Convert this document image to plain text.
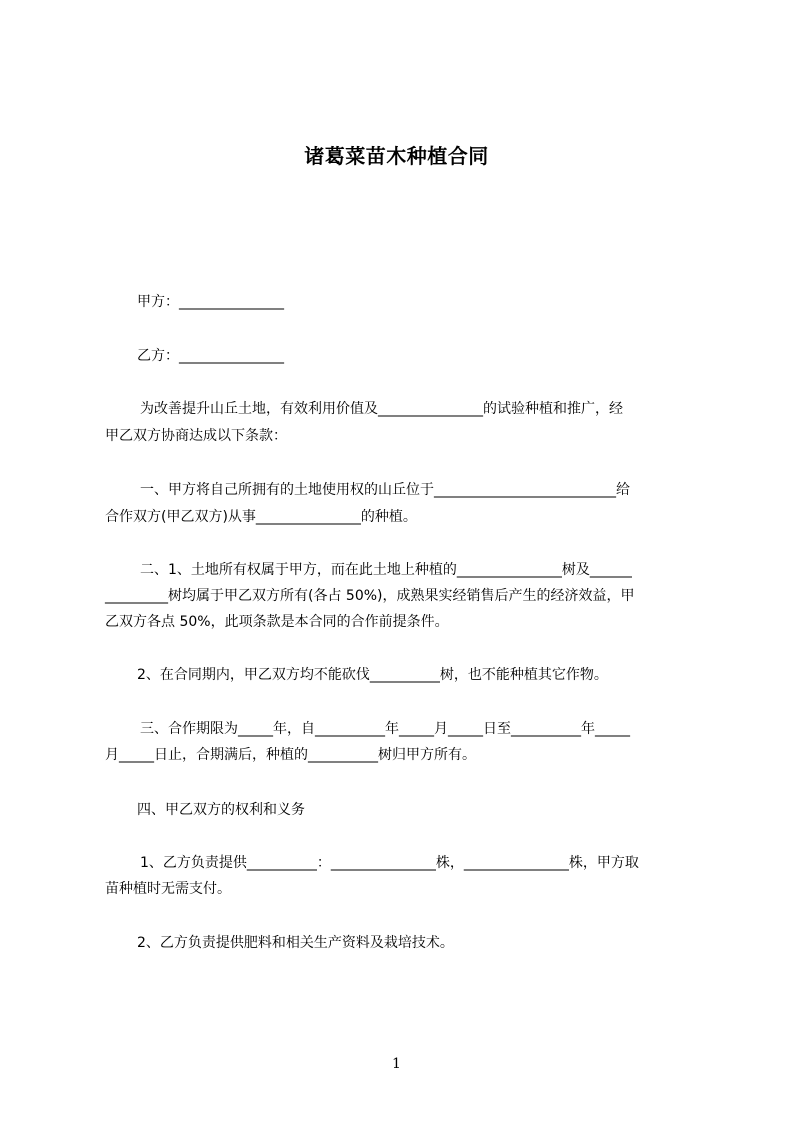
诸葛菜苗木种植合同
甲方：_______________
乙方：_______________
为改善提升山丘土地，有效利用价值及_______________的试验种植和推广，经
甲乙双方协商达成以下条款：
一、甲方将自己所拥有的土地使用权的山丘位于__________________________给
合作双方(甲乙双方)从事_______________的种植。
二、1、土地所有权属于甲方，而在此土地上种植的_______________树及______
_________树均属于甲乙双方所有(各占 50%)，成熟果实经销售后产生的经济效益，甲
乙双方各点 50%，此项条款是本合同的合作前提条件。
2、在合同期内，甲乙双方均不能砍伐__________树，也不能种植其它作物。
三、合作期限为_____年，自__________年_____月_____日至__________年_____
月_____日止，合期满后，种植的__________树归甲方所有。
四、甲乙双方的权利和义务
1、乙方负责提供__________：_______________株，_______________株，甲方取
苗种植时无需支付。
2、乙方负责提供肥料和相关生产资料及栽培技术。
1
